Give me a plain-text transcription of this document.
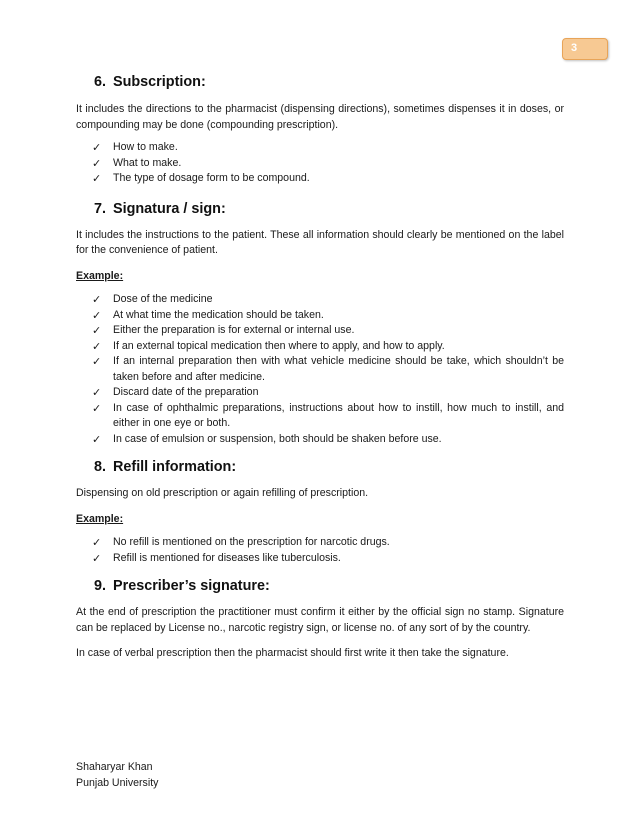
3
6. Subscription:

It includes the directions to the pharmacist (dispensing directions), sometimes dispenses it in doses, or compounding may be done (compounding prescription).

✓ How to make.
✓ What to make.
✓ The type of dosage form to be compound.
7. Signatura / sign:

It includes the instructions to the patient. These all information should clearly be mentioned on the label for the convenience of patient.

Example:

✓ Dose of the medicine
✓ At what time the medication should be taken.
✓ Either the preparation is for external or internal use.
✓ If an external topical medication then where to apply, and how to apply.
✓ If an internal preparation then with what vehicle medicine should be take, which shouldn’t be taken before and after medicine.
✓ Discard date of the preparation
✓ In case of ophthalmic preparations, instructions about how to instill, how much to instill, and either in one eye or both.
✓ In case of emulsion or suspension, both should be shaken before use.
8. Refill information:

Dispensing on old prescription or again refilling of prescription.

Example:

✓ No refill is mentioned on the prescription for narcotic drugs.
✓ Refill is mentioned for diseases like tuberculosis.
9. Prescriber’s signature:

At the end of prescription the practitioner must confirm it either by the official sign no stamp. Signature can be replaced by License no., narcotic registry sign, or license no. of any sort of by the country.

In case of verbal prescription then the pharmacist should first write it then take the signature.

Shaharyar Khan
Punjab University
